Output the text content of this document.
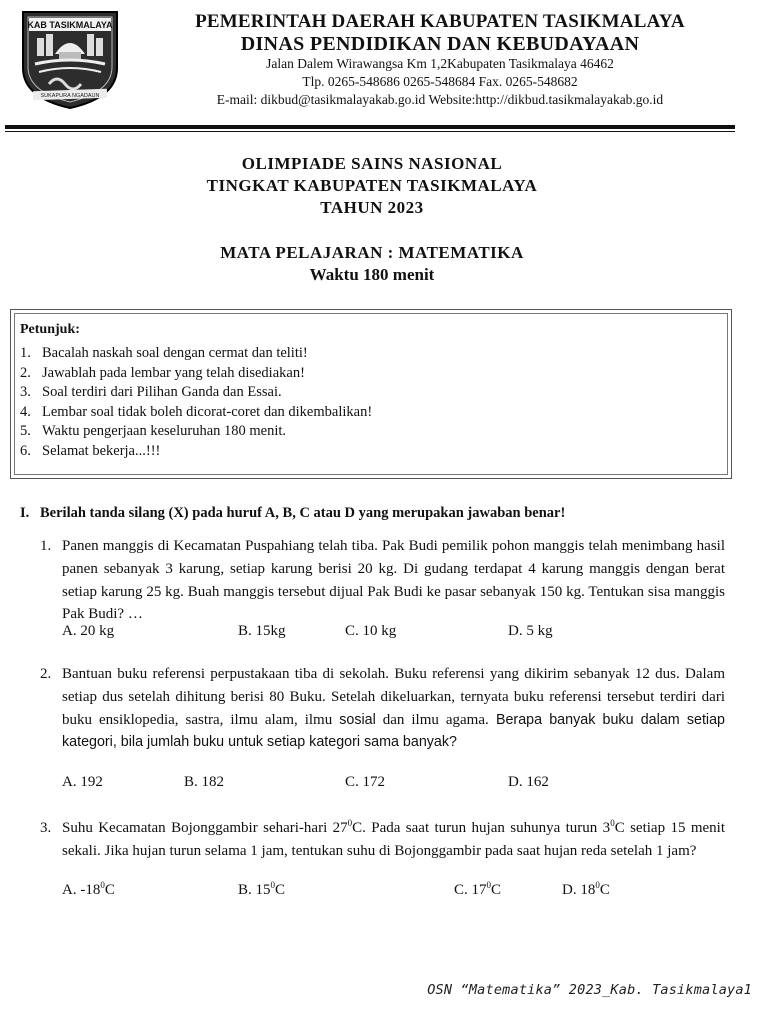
KAB TASIKMALAYA
SUKAPURA NGADAUN
PEMERINTAH DAERAH KABUPATEN TASIKMALAYA
DINAS PENDIDIKAN DAN KEBUDAYAAN
Jalan Dalem Wirawangsa Km 1,2Kabupaten Tasikmalaya 46462
Tlp. 0265-548686 0265-548684 Fax. 0265-548682
E-mail: dikbud@tasikmalayakab.go.id Website:http://dikbud.tasikmalayakab.go.id
OLIMPIADE SAINS NASIONAL
TINGKAT KABUPATEN TASIKMALAYA
TAHUN 2023
MATA PELAJARAN : MATEMATIKA
Waktu 180 menit
Petunjuk:
1. Bacalah naskah soal dengan cermat dan teliti!
2. Jawablah pada lembar yang telah disediakan!
3. Soal terdiri dari Pilihan Ganda dan Essai.
4. Lembar soal tidak boleh dicorat-coret dan dikembalikan!
5. Waktu pengerjaan keseluruhan 180 menit.
6. Selamat bekerja...!!!
I. Berilah tanda silang (X) pada huruf A, B, C atau D yang merupakan jawaban benar!
1. Panen manggis di Kecamatan Puspahiang telah tiba. Pak Budi pemilik pohon manggis telah menimbang hasil panen sebanyak 3 karung, setiap karung berisi 20 kg. Di gudang terdapat 4 karung manggis dengan berat setiap karung 25 kg. Buah manggis tersebut dijual Pak Budi ke pasar sebanyak 150 kg. Tentukan sisa manggis Pak Budi? …
A. 20 kg	B. 15kg	C. 10 kg	D. 5 kg
2. Bantuan buku referensi perpustakaan tiba di sekolah. Buku referensi yang dikirim sebanyak 12 dus. Dalam setiap dus setelah dihitung berisi 80 Buku. Setelah dikeluarkan, ternyata buku referensi tersebut terdiri dari buku ensiklopedia, sastra, ilmu alam, ilmu sosial dan ilmu agama. Berapa banyak buku dalam setiap kategori, bila jumlah buku untuk setiap kategori sama banyak?
A. 192	B. 182	C. 172	D. 162
3. Suhu Kecamatan Bojonggambir sehari-hari $27^0C$. Pada saat turun hujan suhunya turun $3^0C$ setiap 15 menit sekali. Jika hujan turun selama 1 jam, tentukan suhu di Bojonggambir pada saat hujan reda setelah 1 jam?
A. $-18^0C$	B. $15^0C$	C. $17^0C$	D. $18^0C$
OSN “Matematika” 2023_Kab. Tasikmalaya1
